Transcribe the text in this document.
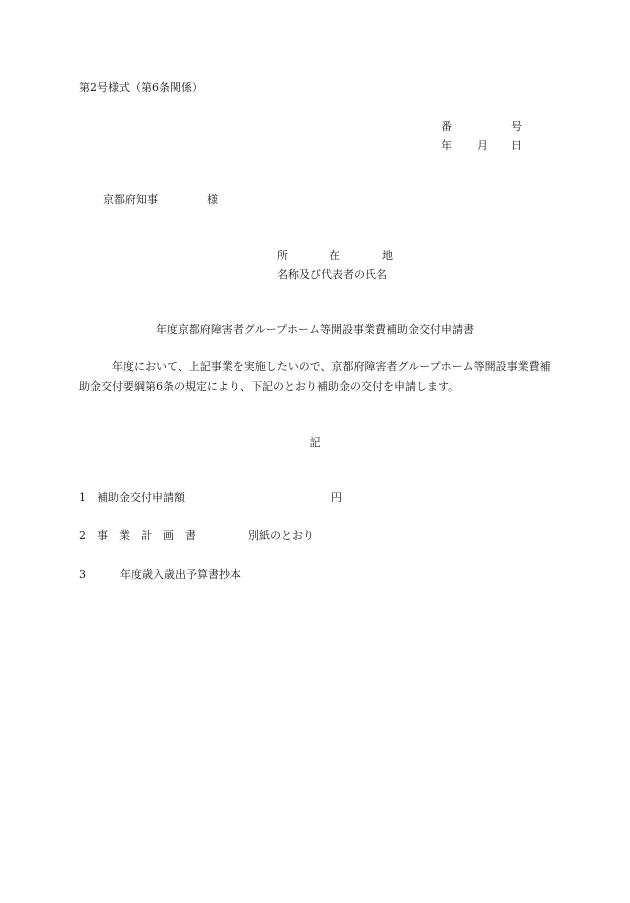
第2号様式（第6条関係）
番	号
年 月 日
京都府知事	様
所	在	地
名称及び代表者の氏名
年度京都府障害者グループホーム等開設事業費補助金交付申請書
年度において、上記事業を実施したいので、京都府障害者グループホーム等開設事業費補助金交付要綱第6条の規定により、下記のとおり補助金の交付を申請します。
記
1 補助金交付申請額	円
2 事　業　計　画　書	別紙のとおり
3	年度歳入歳出予算書抄本
